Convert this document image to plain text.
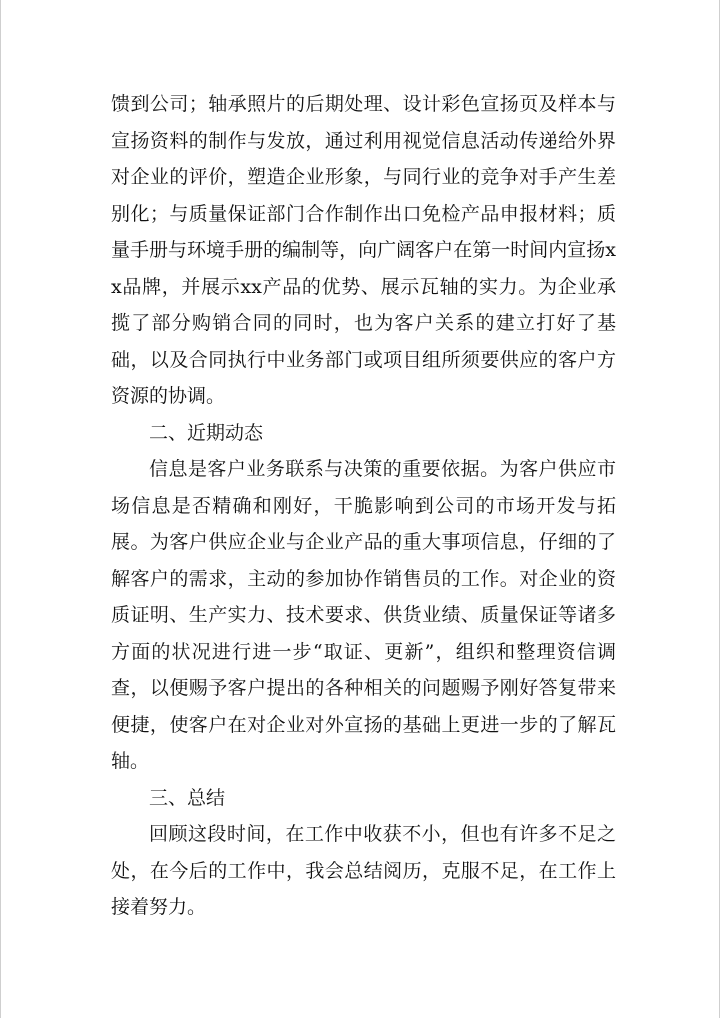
馈到公司；轴承照片的后期处理、设计彩色宣扬页及样本与宣扬资料的制作与发放，通过利用视觉信息活动传递给外界对企业的评价，塑造企业形象，与同行业的竞争对手产生差别化；与质量保证部门合作制作出口免检产品申报材料；质量手册与环境手册的编制等，向广阔客户在第一时间内宣扬xx品牌，并展示xx产品的优势、展示瓦轴的实力。为企业承揽了部分购销合同的同时，也为客户关系的建立打好了基础，以及合同执行中业务部门或项目组所须要供应的客户方资源的协调。

二、近期动态

信息是客户业务联系与决策的重要依据。为客户供应市场信息是否精确和刚好，干脆影响到公司的市场开发与拓展。为客户供应企业与企业产品的重大事项信息，仔细的了解客户的需求，主动的参加协作销售员的工作。对企业的资质证明、生产实力、技术要求、供货业绩、质量保证等诸多方面的状况进行进一步“取证、更新”，组织和整理资信调查，以便赐予客户提出的各种相关的问题赐予刚好答复带来便捷，使客户在对企业对外宣扬的基础上更进一步的了解瓦轴。

三、总结

回顾这段时间，在工作中收获不小，但也有许多不足之处，在今后的工作中，我会总结阅历，克服不足，在工作上接着努力。
